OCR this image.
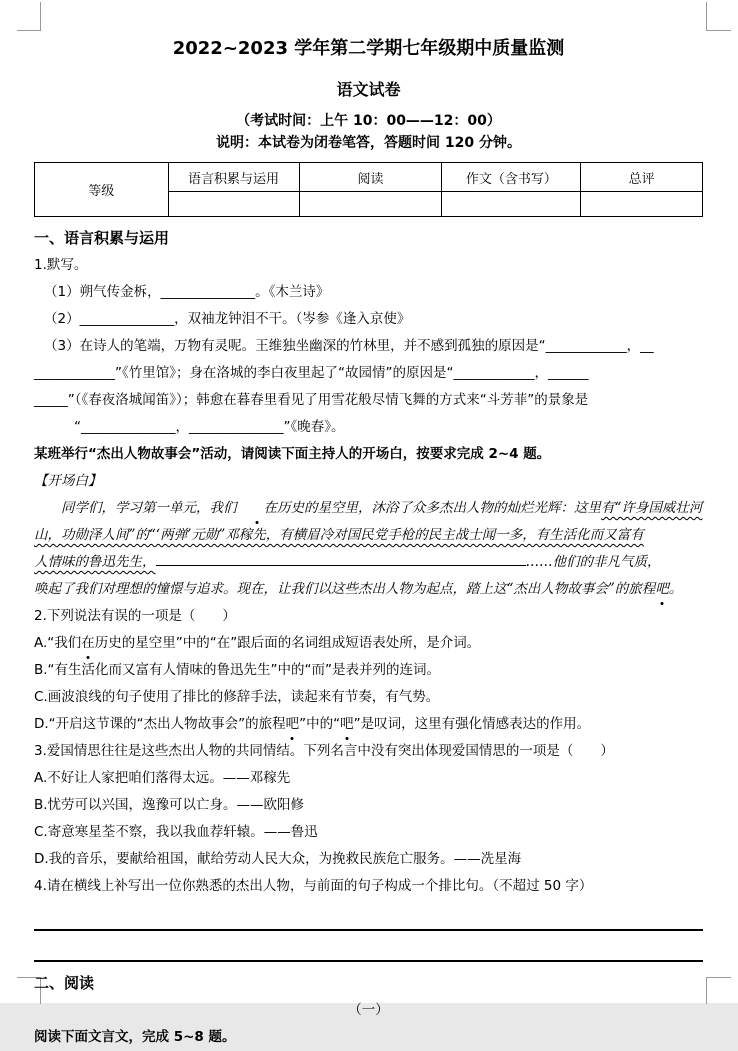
2022~2023 学年第二学期七年级期中质量监测
语文试卷

（考试时间：上午 10：00——12：00）

说明：本试卷为闭卷笔答，答题时间 120 分钟。

等级	语言积累与运用	阅读	作文（含书写）	总评

一、语言积累与运用

1.默写。

（1）朔气传金柝，______________。《木兰诗》

（2）______________，双袖龙钟泪不干。（岑参《逢入京使》

（3）在诗人的笔端，万物有灵呢。王维独坐幽深的竹林里，并不感到孤独的原因是“____________，__

____________”《竹里馆》；身在洛城的李白夜里起了“故园情”的原因是“____________，______

_____”（《春夜洛城闻笛》）；韩愈在暮春里看见了用雪花般尽情飞舞的方式来“斗芳菲”的景象是

“______________，______________”《晚春》。

某班举行“杰出人物故事会”活动，请阅读下面主持人的开场白，按要求完成 2~4 题。

【开场白】

同学们，学习第一单元，我们 在历史的星空里，沐浴了众多杰出人物的灿烂光辉：这里有“许身国威壮河

山，功勋泽人间”的“‘两弹’元勋”邓稼先，有横眉冷对国民党手枪的民主战士闻一多，有生活化而又富有

人情味的鲁迅先生，	……他们的非凡气质，

唤起了我们对理想的憧憬与追求。现在，让我们以这些杰出人物为起点，踏上这“杰出人物故事会”的旅程吧。

2.下列说法有误的一项是（　　）

A.“我们在历史的星空里”中的“在”跟后面的名词组成短语表处所，是介词。

B.“有生活化而又富有人情味的鲁迅先生”中的“而”是表并列的连词。

C.画波浪线的句子使用了排比的修辞手法，读起来有节奏，有气势。

D.“开启这节课的“杰出人物故事会”的旅程吧”中的“吧”是叹词，这里有强化情感表达的作用。

3.爱国情思往往是这些杰出人物的共同情结。下列名言中没有突出体现爱国情思的一项是（　　）

A.不好让人家把咱们落得太远。——邓稼先

B.忧劳可以兴国，逸豫可以亡身。——欧阳修

C.寄意寒星荃不察，我以我血荐轩辕。——鲁迅

D.我的音乐，要献给祖国，献给劳动人民大众，为挽救民族危亡服务。——冼星海

4.请在横线上补写出一位你熟悉的杰出人物，与前面的句子构成一个排比句。（不超过 50 字）

二、阅读

（一）

阅读下面文言文，完成 5~8 题。
